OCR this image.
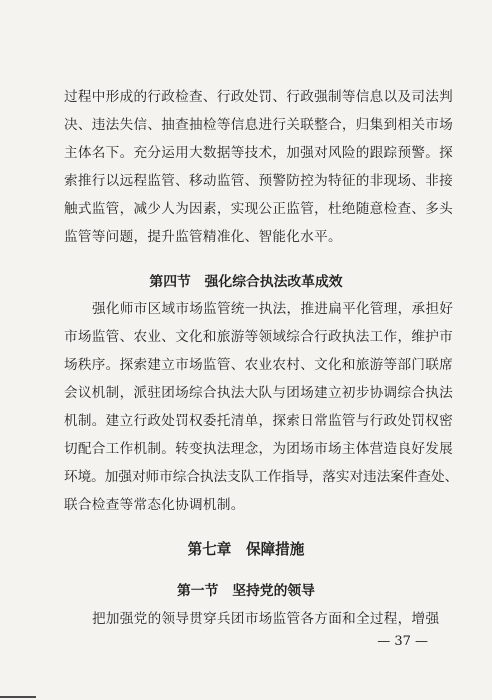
过程中形成的行政检查、行政处罚、行政强制等信息以及司法判
决、违法失信、抽查抽检等信息进行关联整合，归集到相关市场
主体名下。充分运用大数据等技术，加强对风险的跟踪预警。探
索推行以远程监管、移动监管、预警防控为特征的非现场、非接
触式监管，减少人为因素，实现公正监管，杜绝随意检查、多头
监管等问题，提升监管精准化、智能化水平。
第四节　强化综合执法改革成效
强化师市区域市场监管统一执法，推进扁平化管理，承担好
市场监管、农业、文化和旅游等领域综合行政执法工作，维护市
场秩序。探索建立市场监管、农业农村、文化和旅游等部门联席
会议机制，派驻团场综合执法大队与团场建立初步协调综合执法
机制。建立行政处罚权委托清单，探索日常监管与行政处罚权密
切配合工作机制。转变执法理念，为团场市场主体营造良好发展
环境。加强对师市综合执法支队工作指导，落实对违法案件查处、
联合检查等常态化协调机制。
第七章　保障措施
第一节　坚持党的领导
把加强党的领导贯穿兵团市场监管各方面和全过程，增强
— 37 —
